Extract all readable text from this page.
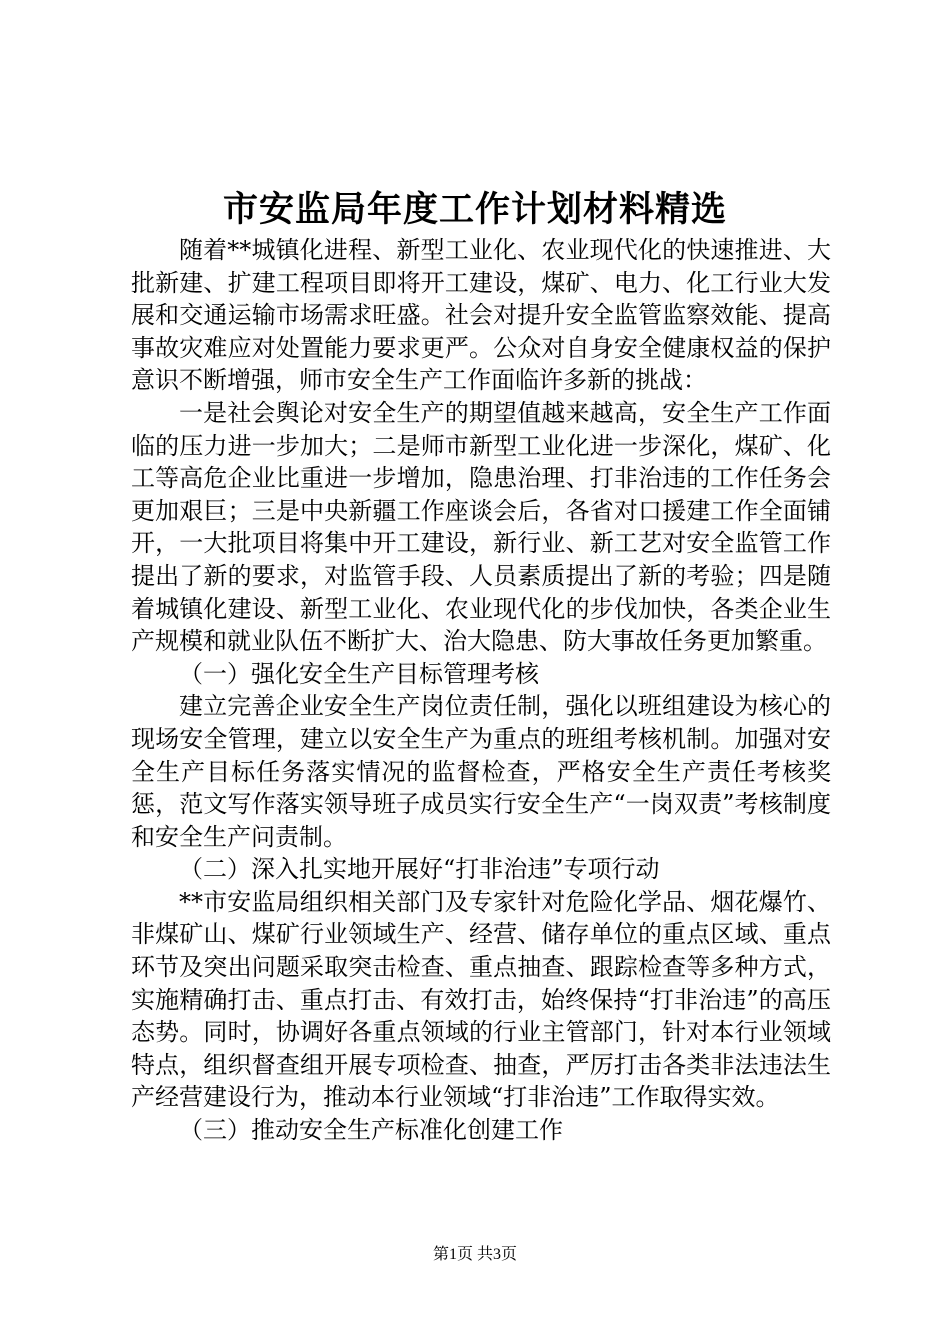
市安监局年度工作计划材料精选

随着**城镇化进程、新型工业化、农业现代化的快速推进、大批新建、扩建工程项目即将开工建设，煤矿、电力、化工行业大发展和交通运输市场需求旺盛。社会对提升安全监管监察效能、提高事故灾难应对处置能力要求更严。公众对自身安全健康权益的保护意识不断增强，师市安全生产工作面临许多新的挑战：

一是社会舆论对安全生产的期望值越来越高，安全生产工作面临的压力进一步加大；二是师市新型工业化进一步深化，煤矿、化工等高危企业比重进一步增加，隐患治理、打非治违的工作任务会更加艰巨；三是中央新疆工作座谈会后，各省对口援建工作全面铺开，一大批项目将集中开工建设，新行业、新工艺对安全监管工作提出了新的要求，对监管手段、人员素质提出了新的考验；四是随着城镇化建设、新型工业化、农业现代化的步伐加快，各类企业生产规模和就业队伍不断扩大、治大隐患、防大事故任务更加繁重。

（一）强化安全生产目标管理考核

建立完善企业安全生产岗位责任制，强化以班组建设为核心的现场安全管理，建立以安全生产为重点的班组考核机制。加强对安全生产目标任务落实情况的监督检查，严格安全生产责任考核奖惩，范文写作落实领导班子成员实行安全生产“一岗双责”考核制度和安全生产问责制。

（二）深入扎实地开展好“打非治违”专项行动

**市安监局组织相关部门及专家针对危险化学品、烟花爆竹、非煤矿山、煤矿行业领域生产、经营、储存单位的重点区域、重点环节及突出问题采取突击检查、重点抽查、跟踪检查等多种方式，实施精确打击、重点打击、有效打击，始终保持“打非治违”的高压态势。同时，协调好各重点领域的行业主管部门，针对本行业领域特点，组织督查组开展专项检查、抽查，严厉打击各类非法违法生产经营建设行为，推动本行业领域“打非治违”工作取得实效。

（三）推动安全生产标准化创建工作

第1页 共3页
